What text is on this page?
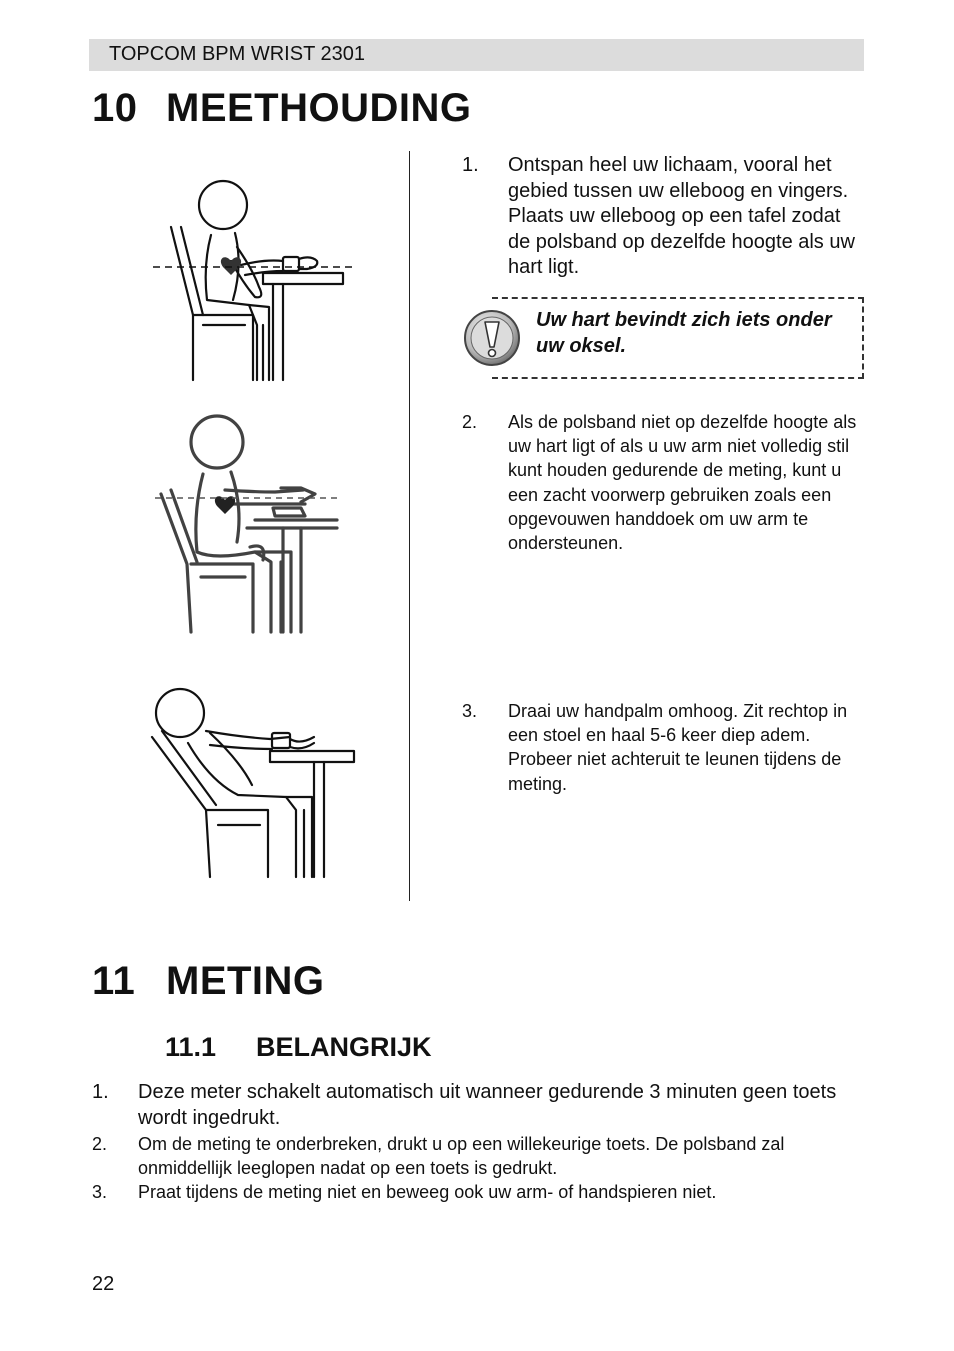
TOPCOM BPM WRIST 2301
10 MEETHOUDING
1. Ontspan heel uw lichaam, vooral het gebied tussen uw elleboog en vingers. Plaats uw elleboog op een tafel zodat de polsband op dezelfde hoogte als uw hart ligt.
Uw hart bevindt zich iets onder uw oksel.
2. Als de polsband niet op dezelfde hoogte als uw hart ligt of als u uw arm niet volledig stil kunt houden gedurende de meting, kunt u een zacht voorwerp gebruiken zoals een opgevouwen handdoek om uw arm te ondersteunen.
3. Draai uw handpalm omhoog. Zit rechtop in een stoel en haal 5-6 keer diep adem. Probeer niet achteruit te leunen tijdens de meting.
11 METING
11.1 BELANGRIJK
1. Deze meter schakelt automatisch uit wanneer gedurende 3 minuten geen toets wordt ingedrukt.
2. Om de meting te onderbreken, drukt u op een willekeurige toets. De polsband zal onmiddellijk leeglopen nadat op een toets is gedrukt.
3. Praat tijdens de meting niet en beweeg ook uw arm- of handspieren niet.
22
